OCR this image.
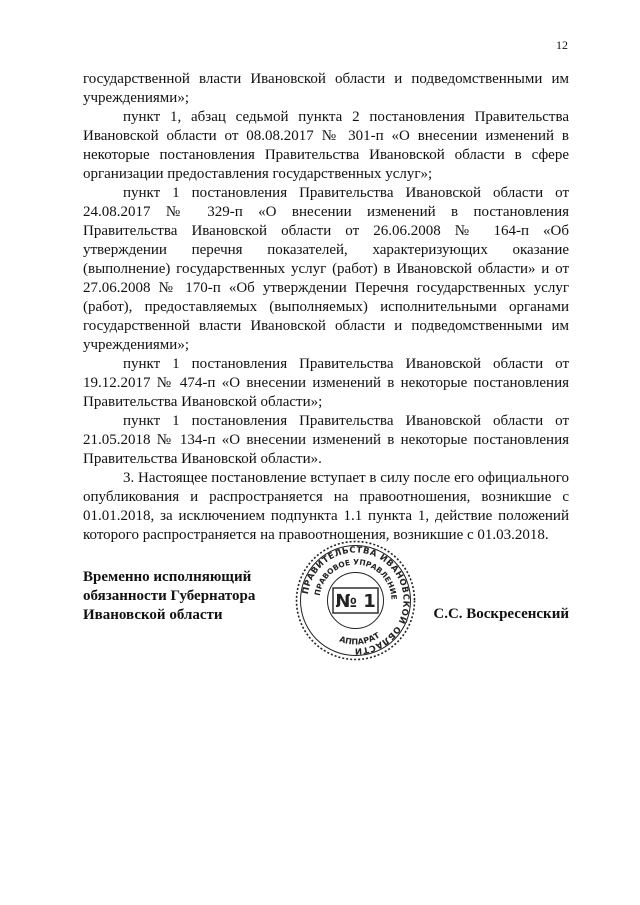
12

государственной власти Ивановской области и подведомственными им учреждениями»;

пункт 1, абзац седьмой пункта 2 постановления Правительства Ивановской области от 08.08.2017 № 301-п «О внесении изменений в некоторые постановления Правительства Ивановской области в сфере организации предоставления государственных услуг»;

пункт 1 постановления Правительства Ивановской области от 24.08.2017 № 329-п «О внесении изменений в постановления Правительства Ивановской области от 26.06.2008 № 164-п «Об утверждении перечня показателей, характеризующих оказание (выполнение) государственных услуг (работ) в Ивановской области» и от 27.06.2008 № 170-п «Об утверждении Перечня государственных услуг (работ), предоставляемых (выполняемых) исполнительными органами государственной власти Ивановской области и подведомственными им учреждениями»;

пункт 1 постановления Правительства Ивановской области от 19.12.2017 № 474-п «О внесении изменений в некоторые постановления Правительства Ивановской области»;

пункт 1 постановления Правительства Ивановской области от 21.05.2018 № 134-п «О внесении изменений в некоторые постановления Правительства Ивановской области».

3. Настоящее постановление вступает в силу после его официального опубликования и распространяется на правоотношения, возникшие с 01.01.2018, за исключением подпункта 1.1 пункта 1, действие положений которого распространяется на правоотношения, возникшие с 01.03.2018.

Временно исполняющий
обязанности Губернатора
Ивановской области
ПРАВИТЕЛЬСТВА ИВАНОВСКОЙ ОБЛАСТИ
ПРАВОВОЕ УПРАВЛЕНИЕ
АППАРАТ
№ 1
С.С. Воскресенский
